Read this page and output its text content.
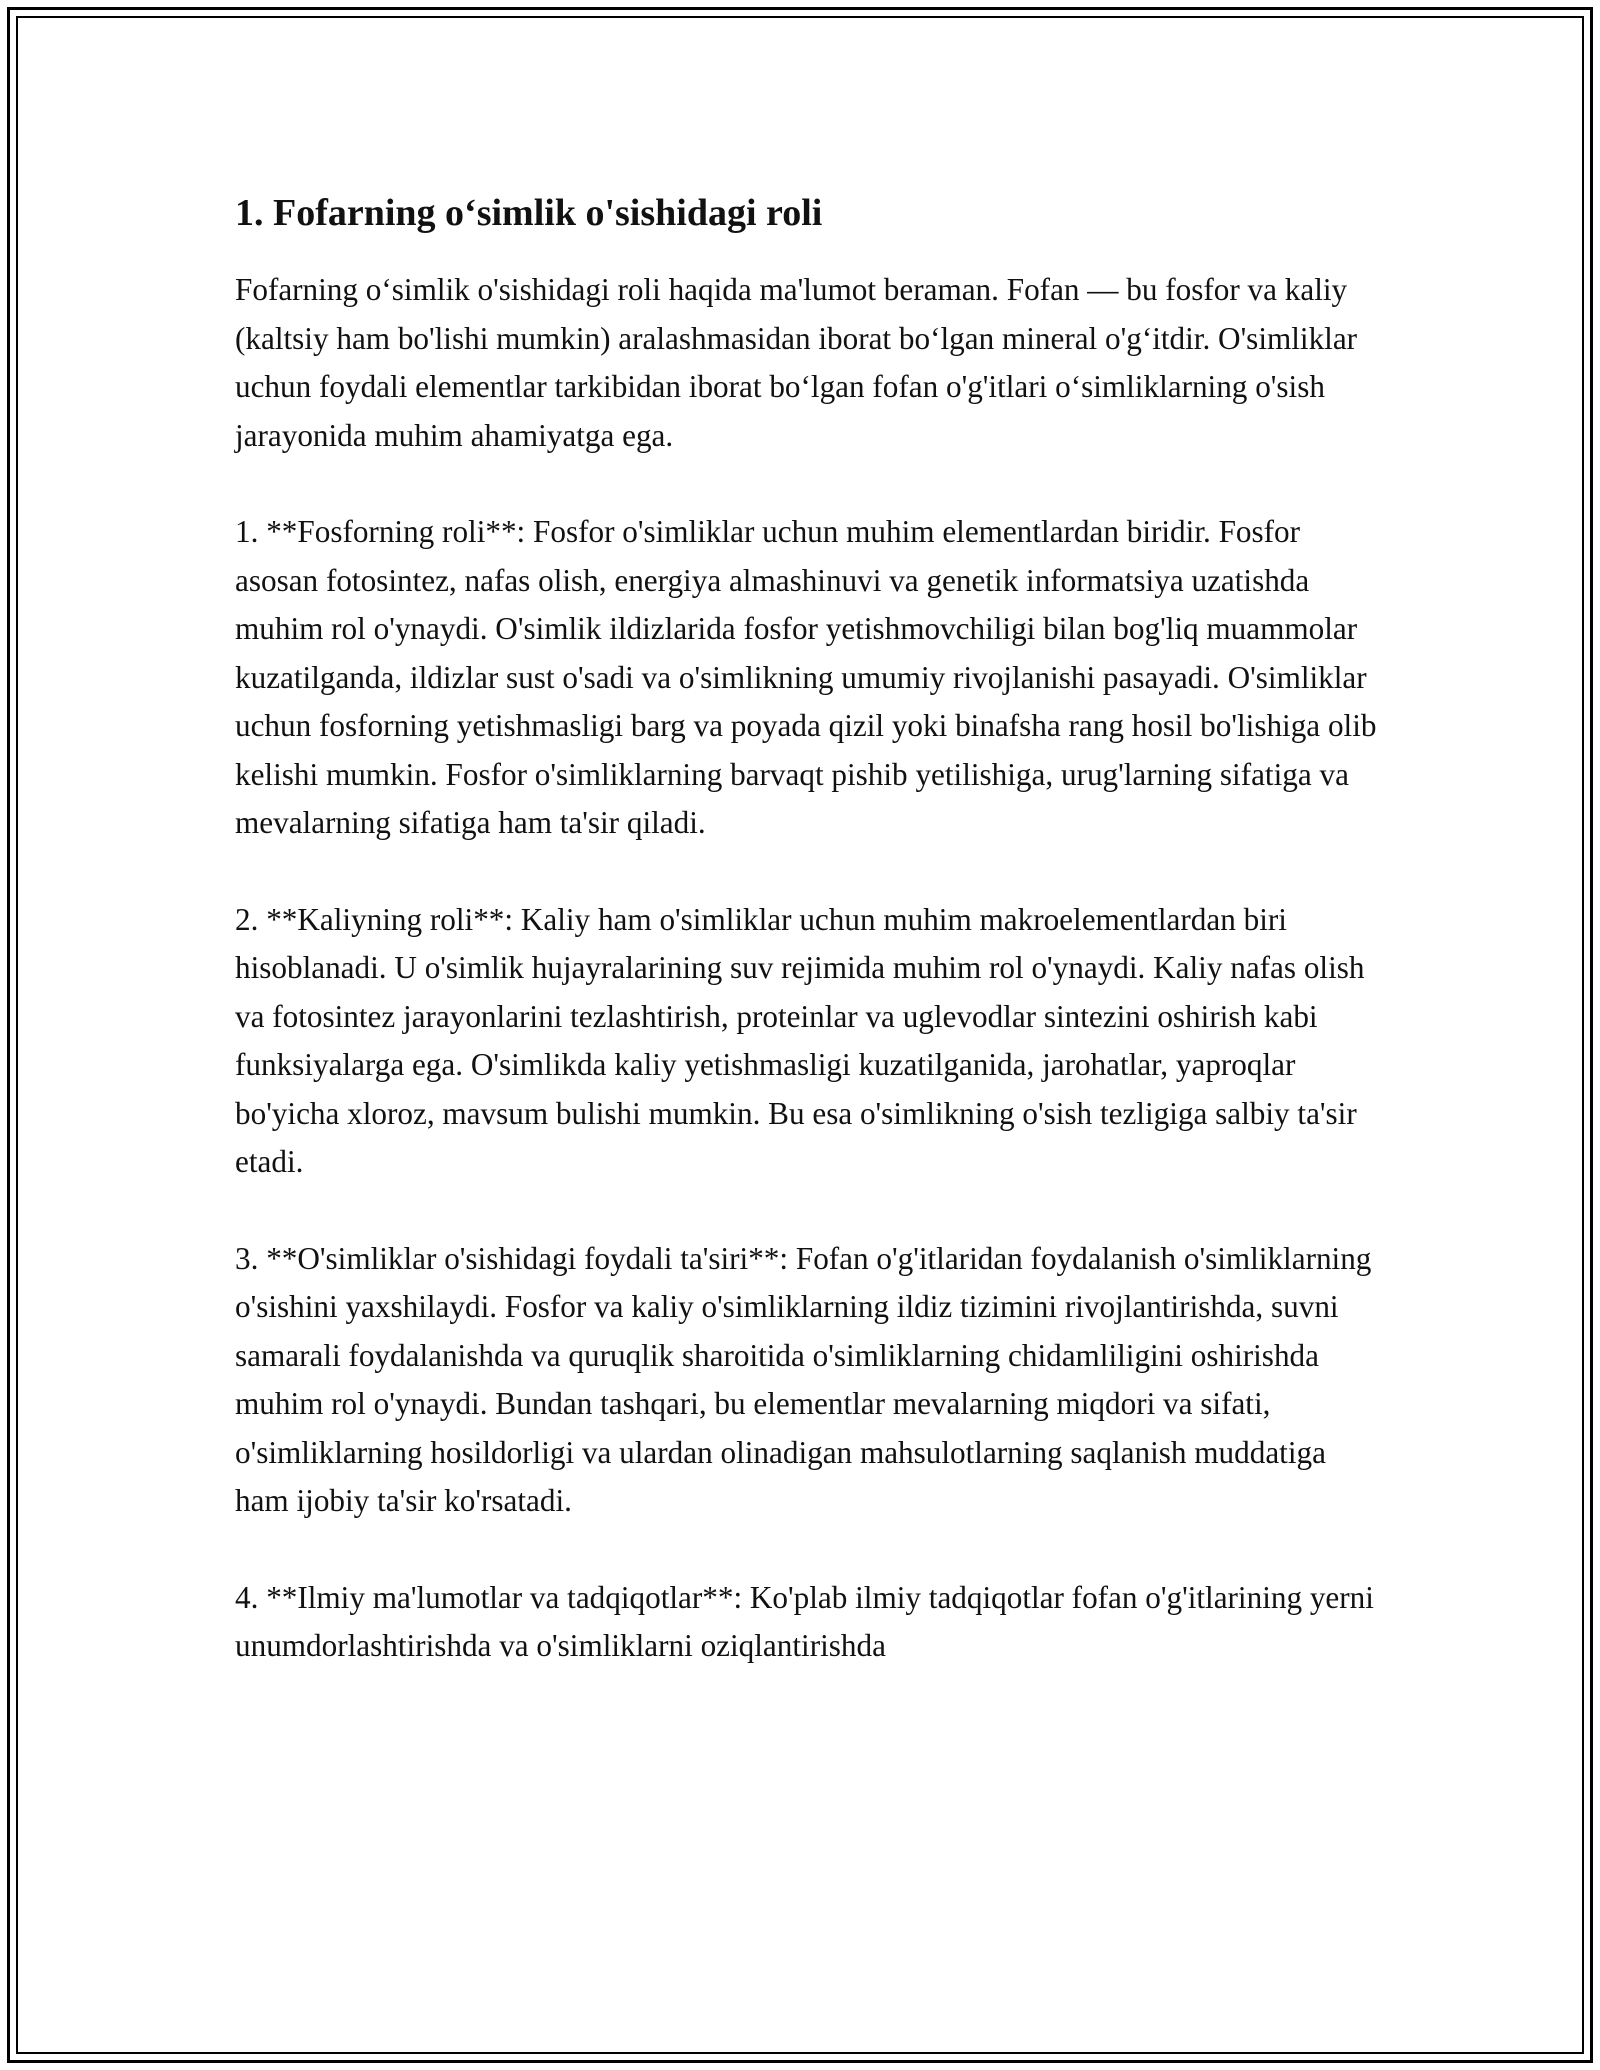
1. Fofarning o‘simlik o'sishidagi roli

Fofarning o‘simlik o'sishidagi roli haqida ma'lumot beraman. Fofan — bu fosfor va kaliy (kaltsiy ham bo'lishi mumkin) aralashmasidan iborat bo‘lgan mineral o'g‘itdir. O'simliklar uchun foydali elementlar tarkibidan iborat bo‘lgan fofan o'g'itlari o‘simliklarning o'sish jarayonida muhim ahamiyatga ega.

1. **Fosforning roli**: Fosfor o'simliklar uchun muhim elementlardan biridir. Fosfor asosan fotosintez, nafas olish, energiya almashinuvi va genetik informatsiya uzatishda muhim rol o'ynaydi. O'simlik ildizlarida fosfor yetishmovchiligi bilan bog'liq muammolar kuzatilganda, ildizlar sust o'sadi va o'simlikning umumiy rivojlanishi pasayadi. O'simliklar uchun fosforning yetishmasligi barg va poyada qizil yoki binafsha rang hosil bo'lishiga olib kelishi mumkin. Fosfor o'simliklarning barvaqt pishib yetilishiga, urug'larning sifatiga va mevalarning sifatiga ham ta'sir qiladi.

2. **Kaliyning roli**: Kaliy ham o'simliklar uchun muhim makroelementlardan biri hisoblanadi. U o'simlik hujayralarining suv rejimida muhim rol o'ynaydi. Kaliy nafas olish va fotosintez jarayonlarini tezlashtirish, proteinlar va uglevodlar sintezini oshirish kabi funksiyalarga ega. O'simlikda kaliy yetishmasligi kuzatilganida, jarohatlar, yaproqlar bo'yicha xloroz, mavsum bulishi mumkin. Bu esa o'simlikning o'sish tezligiga salbiy ta'sir etadi.

3. **O'simliklar o'sishidagi foydali ta'siri**: Fofan o'g'itlaridan foydalanish o'simliklarning o'sishini yaxshilaydi. Fosfor va kaliy o'simliklarning ildiz tizimini rivojlantirishda, suvni samarali foydalanishda va quruqlik sharoitida o'simliklarning chidamliligini oshirishda muhim rol o'ynaydi. Bundan tashqari, bu elementlar mevalarning miqdori va sifati, o'simliklarning hosildorligi va ulardan olinadigan mahsulotlarning saqlanish muddatiga ham ijobiy ta'sir ko'rsatadi.

4. **Ilmiy ma'lumotlar va tadqiqotlar**: Ko'plab ilmiy tadqiqotlar fofan o'g'itlarining yerni unumdorlashtirishda va o'simliklarni oziqlantirishda
